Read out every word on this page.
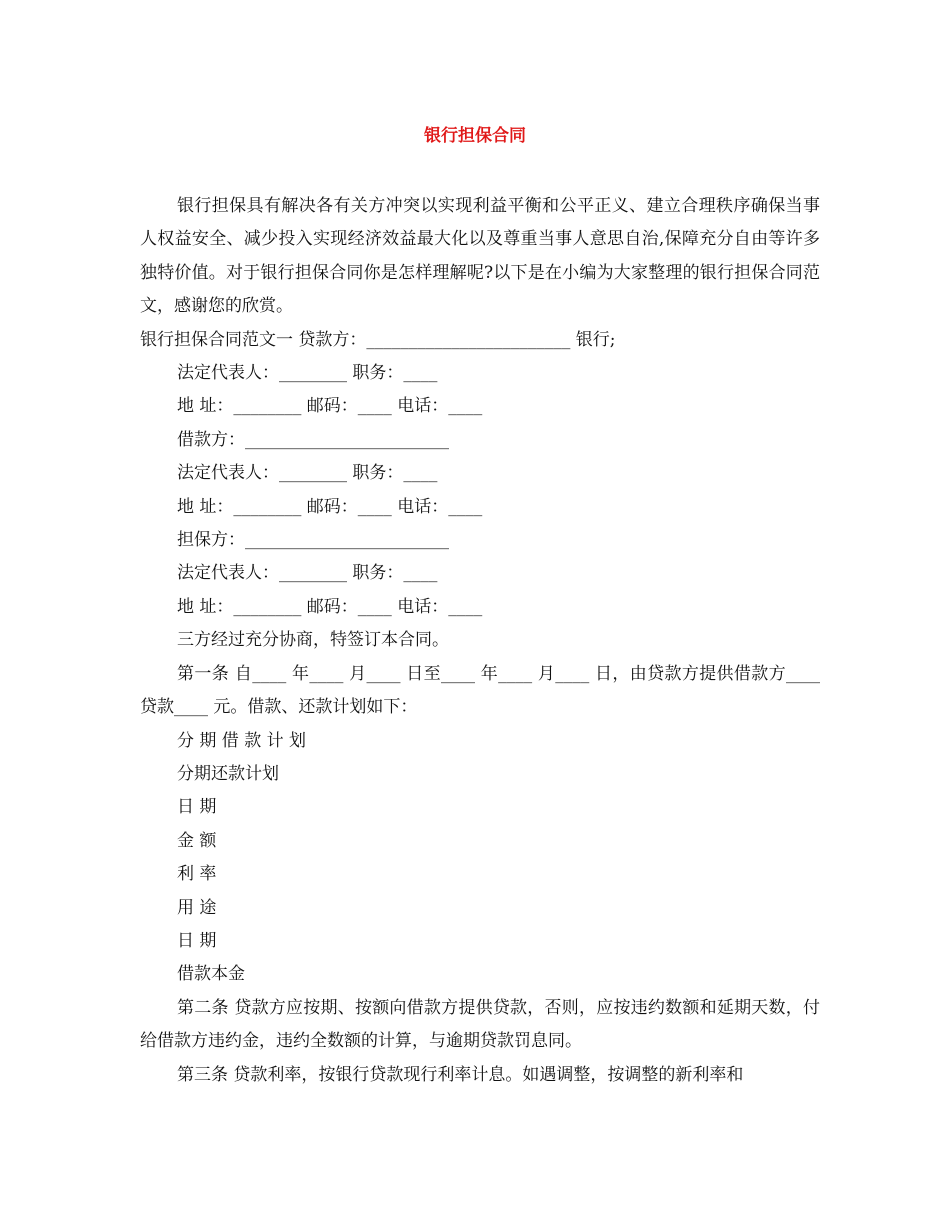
银行担保合同

银行担保具有解决各有关方冲突以实现利益平衡和公平正义、建立合理秩序确保当事人权益安全、减少投入实现经济效益最大化以及尊重当事人意思自治,保障充分自由等许多独特价值。对于银行担保合同你是怎样理解呢?以下是在小编为大家整理的银行担保合同范文，感谢您的欣赏。

银行担保合同范文一 贷款方：________________________ 银行;

法定代表人：________ 职务：____

地 址：________ 邮码：____ 电话：____

借款方：________________________

法定代表人：________ 职务：____

地 址：________ 邮码：____ 电话：____

担保方：________________________

法定代表人：________ 职务：____

地 址：________ 邮码：____ 电话：____

三方经过充分协商，特签订本合同。

第一条 自____ 年____ 月____ 日至____ 年____ 月____ 日，由贷款方提供借款方____ 贷款____ 元。借款、还款计划如下：

分 期 借 款 计 划

分期还款计划

日 期

金 额

利 率

用 途

日 期

借款本金

第二条 贷款方应按期、按额向借款方提供贷款，否则，应按违约数额和延期天数，付给借款方违约金，违约全数额的计算，与逾期贷款罚息同。

第三条 贷款利率，按银行贷款现行利率计息。如遇调整，按调整的新利率和
